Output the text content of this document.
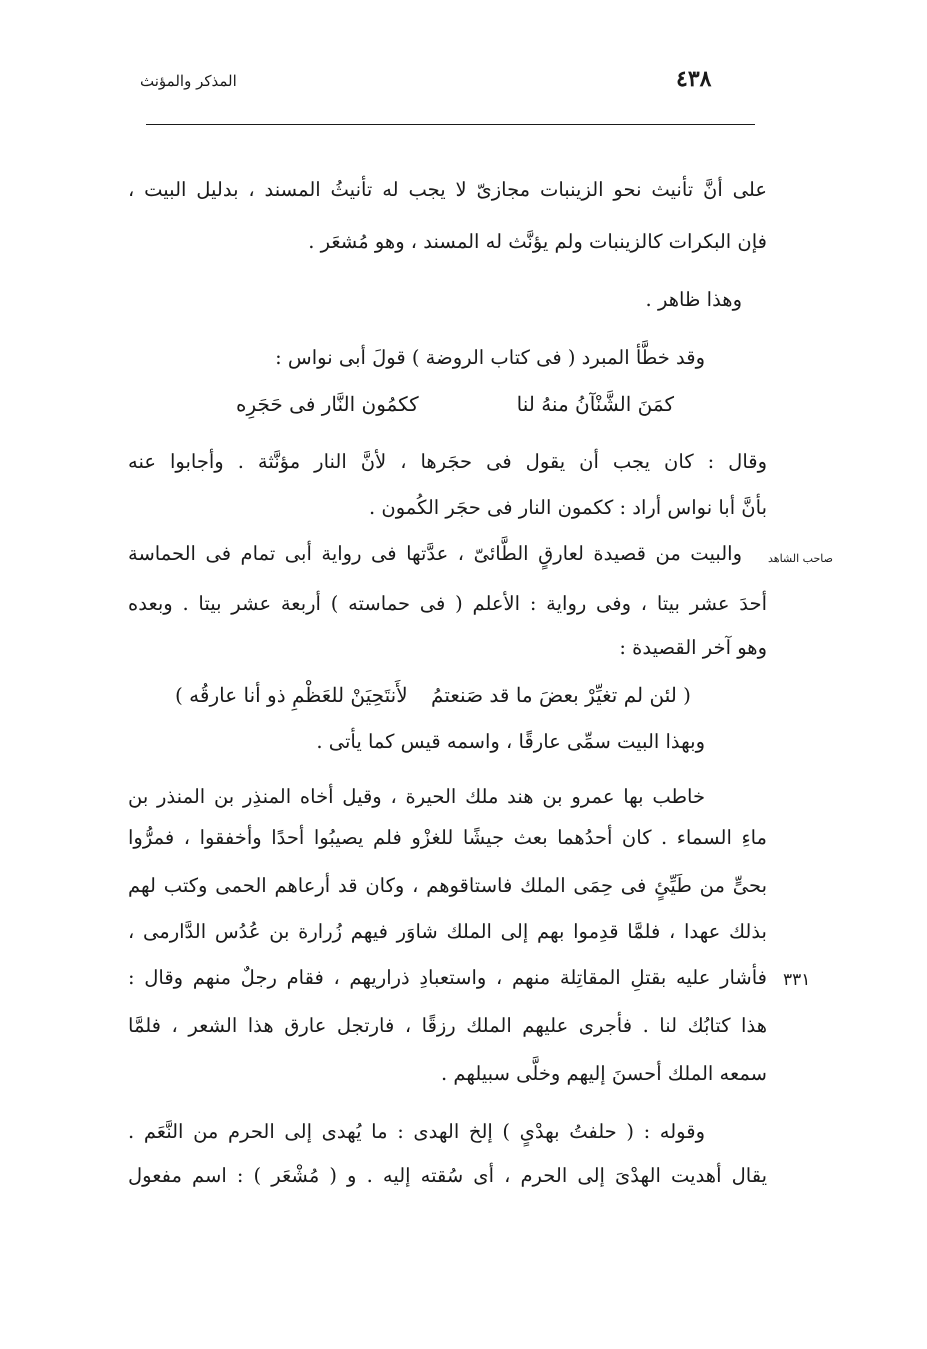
المذكر والمؤنث	٤٣٨
على أنَّ تأنيث نحو الزينبات مجازىّ لا يجب له تأنيثُ المسند ، بدليل البيت ،
فإن البكرات كالزينبات ولم يؤنَّث له المسند ، وهو مُشعَر .
وهذا ظاهر .
وقد خطَّأ المبرد ( فى كتاب الروضة ) قولَ أبى نواس :
كمَنَ الشَّنْآنُ منهُ لنا
ككمُون النَّار فى حَجَرِه
وقال : كان يجب أن يقول فى حجَرها ، لأنَّ النار مؤنَّثة . وأجابوا عنه
بأنَّ أبا نواس أراد : ككمون النار فى حجَر الكُمون .
صاحب الشاهد
والبيت من قصيدة لعارقٍ الطَّائىّ ، عدَّتها فى رواية أبى تمام فى الحماسة
أحدَ عشر بيتا ، وفى رواية : الأعلم ( فى حماسته ) أربعة عشر بيتا . وبعده
وهو آخر القصيدة :
( لئن لم تغيِّرْ بعضَ ما قد صَنعتمُ
لأَنتَحِيَنْ للعَظْمِ ذو أنا عارقُه )
وبهذا البيت سمِّى عارقًا ، واسمه قيس كما يأتى .
خاطب بها عمرو بن هند ملك الحيرة ، وقيل أخاه المنذِر بن المنذر بن
ماءِ السماء . كان أحدُهما بعث جيشًا للغزْو فلم يصيبُوا أحدًا وأخفقوا ، فمرُّوا
بحىٍّ من طَيِّئٍ فى حِمَى الملك فاستاقوهم ، وكان قد أرعاهم الحمى وكتب لهم
بذلك عهدا ، فلمَّا قدِموا بهم إلى الملك شاوَر فيهم زُرارة بن عُدُس الدَّارمى ،
٣٣١
فأشار عليه بقتلِ المقاتِلة منهم ، واستعبادِ ذراريهم ، فقام رجلٌ منهم وقال :
هذا كتابُك لنا . فأجرى عليهم الملك رزقًا ، فارتجل عارق هذا الشعر ، فلمَّا
سمعه الملك أحسنَ إليهم وخلَّى سبيلهم .
وقوله : ( حلفتُ بهدْىٍ ) إلخ الهدى : ما يُهدى إلى الحرم من النَّعَم .
يقال أهديت الهدْىَ إلى الحرم ، أى سُقته إليه . و ( مُشْعَر ) : اسم مفعول
